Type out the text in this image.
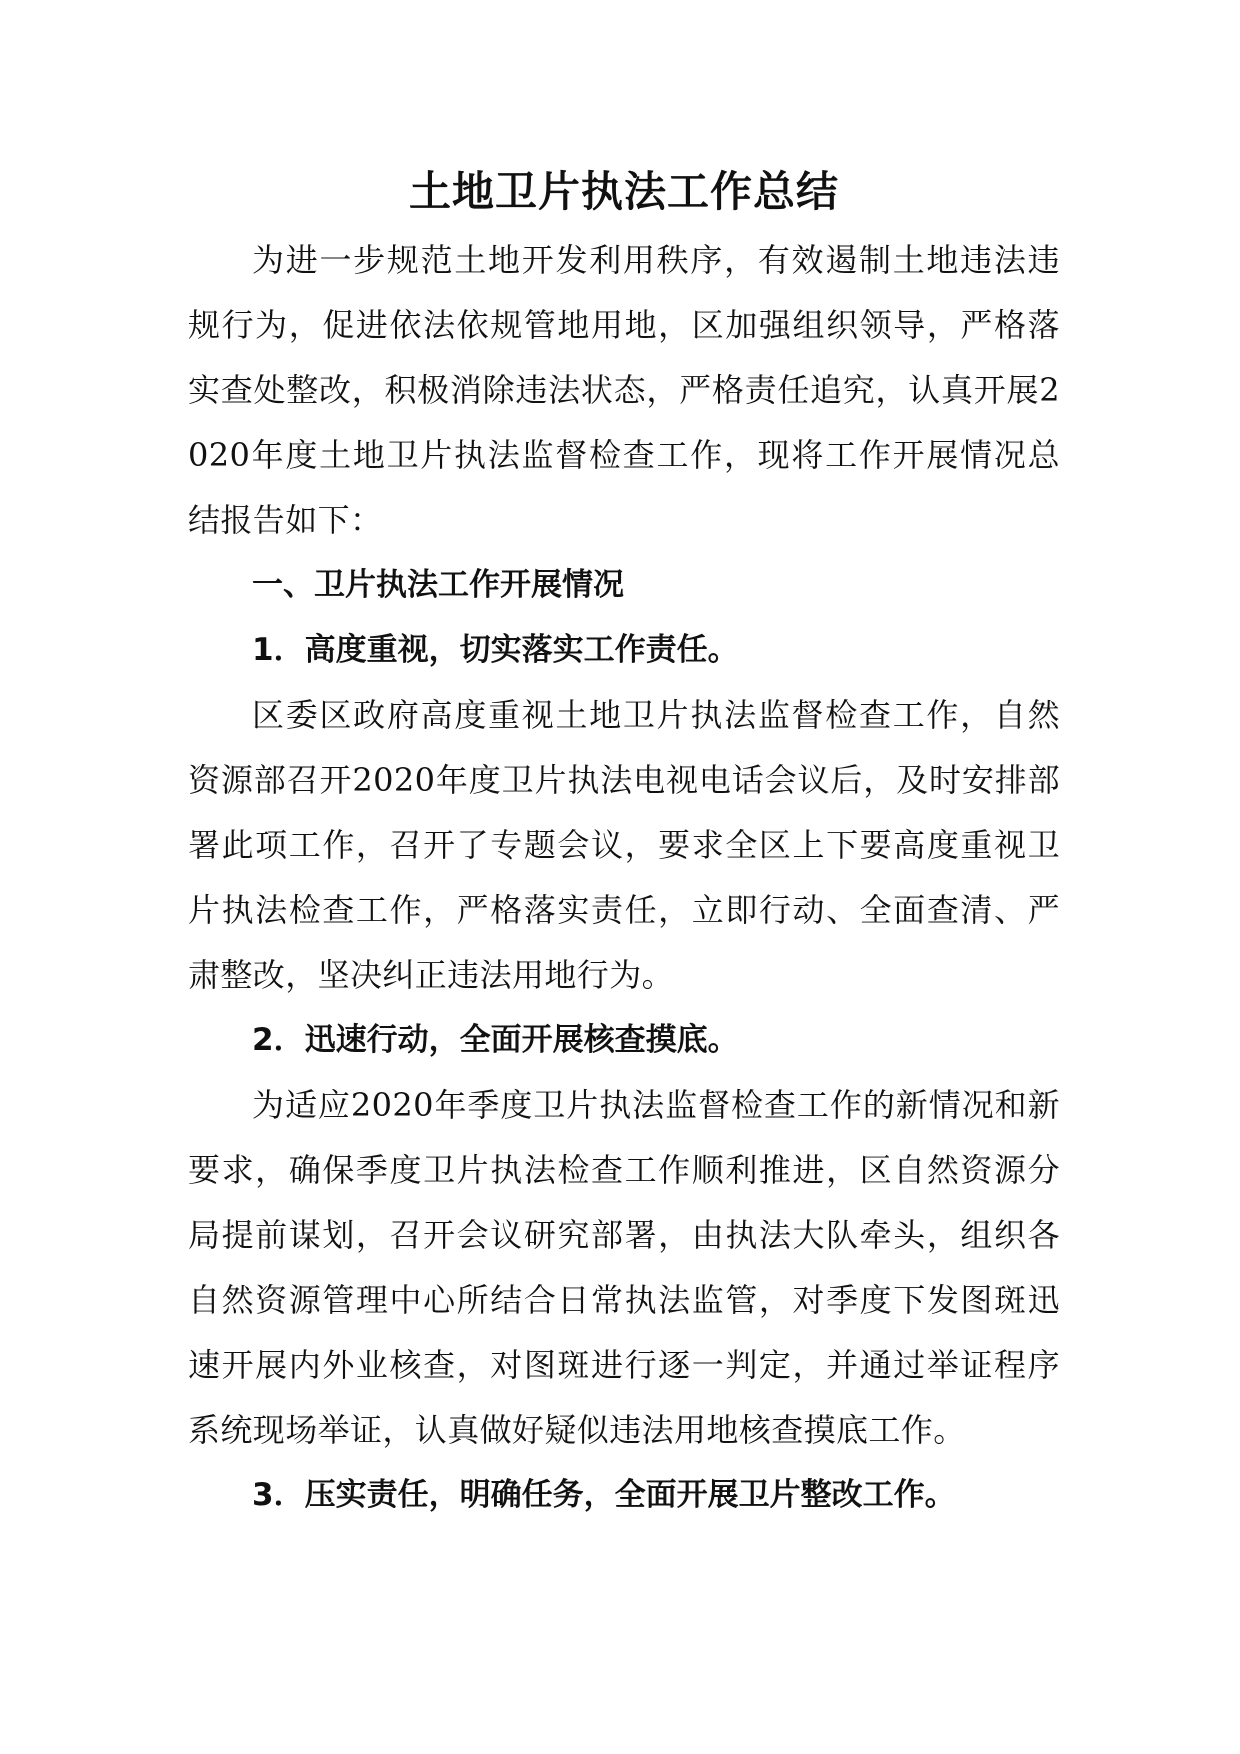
土地卫片执法工作总结

为进一步规范土地开发利用秩序，有效遏制土地违法违规行为，促进依法依规管地用地，区加强组织领导，严格落实查处整改，积极消除违法状态，严格责任追究，认真开展2020年度土地卫片执法监督检查工作，现将工作开展情况总结报告如下：

一、卫片执法工作开展情况

1．高度重视，切实落实工作责任。

区委区政府高度重视土地卫片执法监督检查工作，自然资源部召开2020年度卫片执法电视电话会议后，及时安排部署此项工作，召开了专题会议，要求全区上下要高度重视卫片执法检查工作，严格落实责任，立即行动、全面查清、严肃整改，坚决纠正违法用地行为。

2．迅速行动，全面开展核查摸底。

为适应2020年季度卫片执法监督检查工作的新情况和新要求，确保季度卫片执法检查工作顺利推进，区自然资源分局提前谋划，召开会议研究部署，由执法大队牵头，组织各自然资源管理中心所结合日常执法监管，对季度下发图斑迅速开展内外业核查，对图斑进行逐一判定，并通过举证程序系统现场举证，认真做好疑似违法用地核查摸底工作。

3．压实责任，明确任务，全面开展卫片整改工作。
